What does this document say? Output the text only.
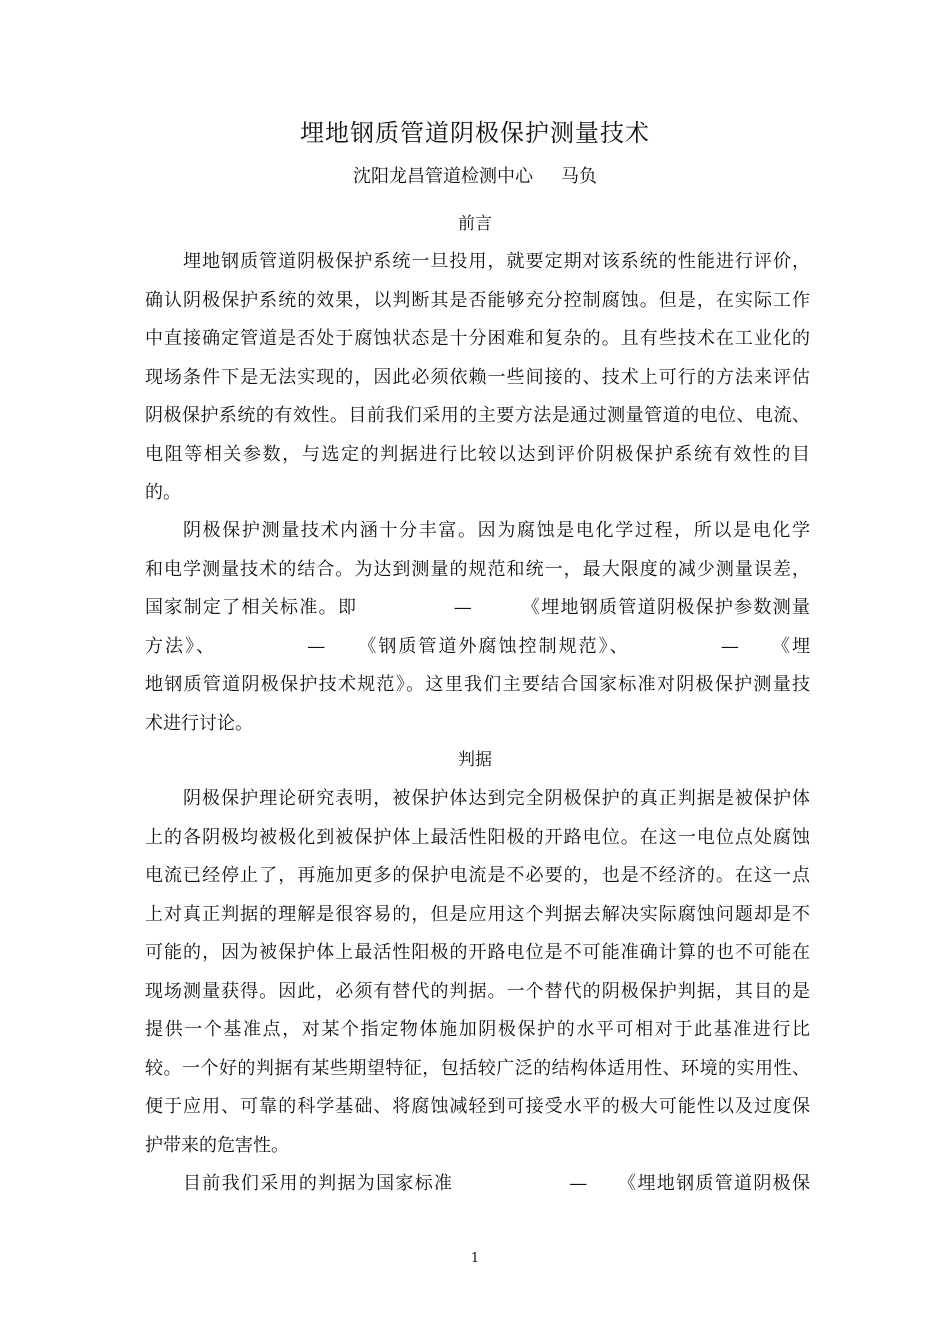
埋地钢质管道阴极保护测量技术
沈阳龙昌管道检测中心 马负
前言
埋地钢质管道阴极保护系统一旦投用，就要定期对该系统的性能进行评价，
确认阴极保护系统的效果，以判断其是否能够充分控制腐蚀。但是，在实际工作
中直接确定管道是否处于腐蚀状态是十分困难和复杂的。且有些技术在工业化的
现场条件下是无法实现的，因此必须依赖一些间接的、技术上可行的方法来评估
阴极保护系统的有效性。目前我们采用的主要方法是通过测量管道的电位、电流、
电阻等相关参数，与选定的判据进行比较以达到评价阴极保护系统有效性的目
的。
阴极保护测量技术内涵十分丰富。因为腐蚀是电化学过程，所以是电化学
和电学测量技术的结合。为达到测量的规范和统一，最大限度的减少测量误差，
国家制定了相关标准。即　　　　　—　　　《埋地钢质管道阴极保护参数测量
方法》、　　　　　—　　《钢质管道外腐蚀控制规范》、　　　　　—　　《埋
地钢质管道阴极保护技术规范》。这里我们主要结合国家标准对阴极保护测量技
术进行讨论。
判据
阴极保护理论研究表明，被保护体达到完全阴极保护的真正判据是被保护体
上的各阴极均被极化到被保护体上最活性阳极的开路电位。在这一电位点处腐蚀
电流已经停止了，再施加更多的保护电流是不必要的，也是不经济的。在这一点
上对真正判据的理解是很容易的，但是应用这个判据去解决实际腐蚀问题却是不
可能的，因为被保护体上最活性阳极的开路电位是不可能准确计算的也不可能在
现场测量获得。因此，必须有替代的判据。一个替代的阴极保护判据，其目的是
提供一个基准点，对某个指定物体施加阴极保护的水平可相对于此基准进行比
较。一个好的判据有某些期望特征，包括较广泛的结构体适用性、环境的实用性、
便于应用、可靠的科学基础、将腐蚀减轻到可接受水平的极大可能性以及过度保
护带来的危害性。
目前我们采用的判据为国家标准　　　　　　—　　《埋地钢质管道阴极保
1
